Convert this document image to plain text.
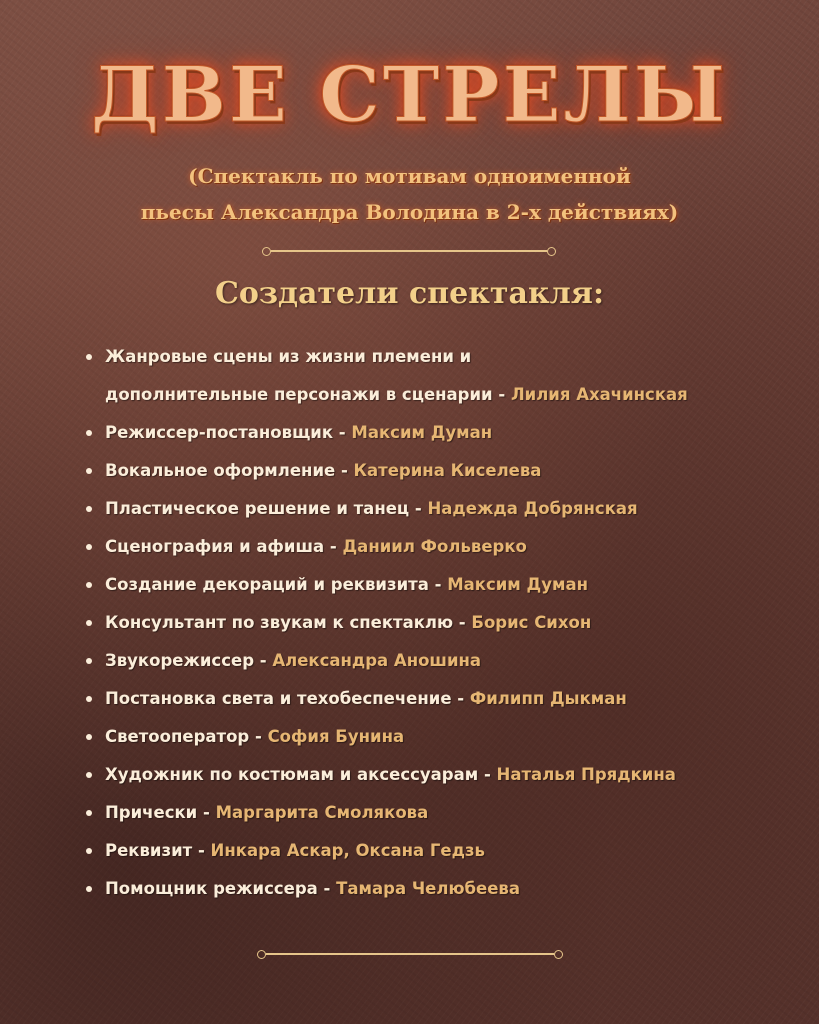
ДВЕ СТРЕЛЫ
(Спектакль по мотивам одноименной
пьесы Александра Володина в 2-х действиях)
Создатели спектакля:
Жанровые сцены из жизни племени и
дополнительные персонажи в сценарии - Лилия Ахачинская
Режиссер-постановщик - Максим Думан
Вокальное оформление - Катерина Киселева
Пластическое решение и танец - Надежда Добрянская
Сценография и афиша - Даниил Фольверко
Создание декораций и реквизита - Максим Думан
Консультант по звукам к спектаклю - Борис Сихон
Звукорежиссер - Александра Аношина
Постановка света и техобеспечение - Филипп Дыкман
Светооператор - София Бунина
Художник по костюмам и аксессуарам - Наталья Прядкина
Прически - Маргарита Смолякова
Реквизит - Инкара Аскар, Оксана Гедзь
Помощник режиссера - Тамара Челюбеева
